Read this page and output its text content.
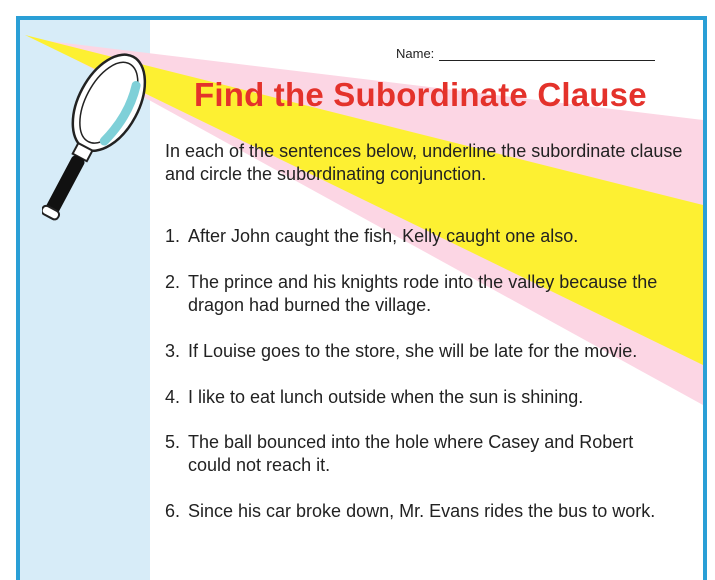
Name:
Find the Subordinate Clause
In each of the sentences below, underline the subordinate clause and circle the subordinating conjunction.
1. After John caught the fish, Kelly caught one also.
2. The prince and his knights rode into the valley because the dragon had burned the village.
3. If Louise goes to the store, she will be late for the movie.
4. I like to eat lunch outside when the sun is shining.
5. The ball bounced into the hole where Casey and Robert could not reach it.
6. Since his car broke down, Mr. Evans rides the bus to work.
